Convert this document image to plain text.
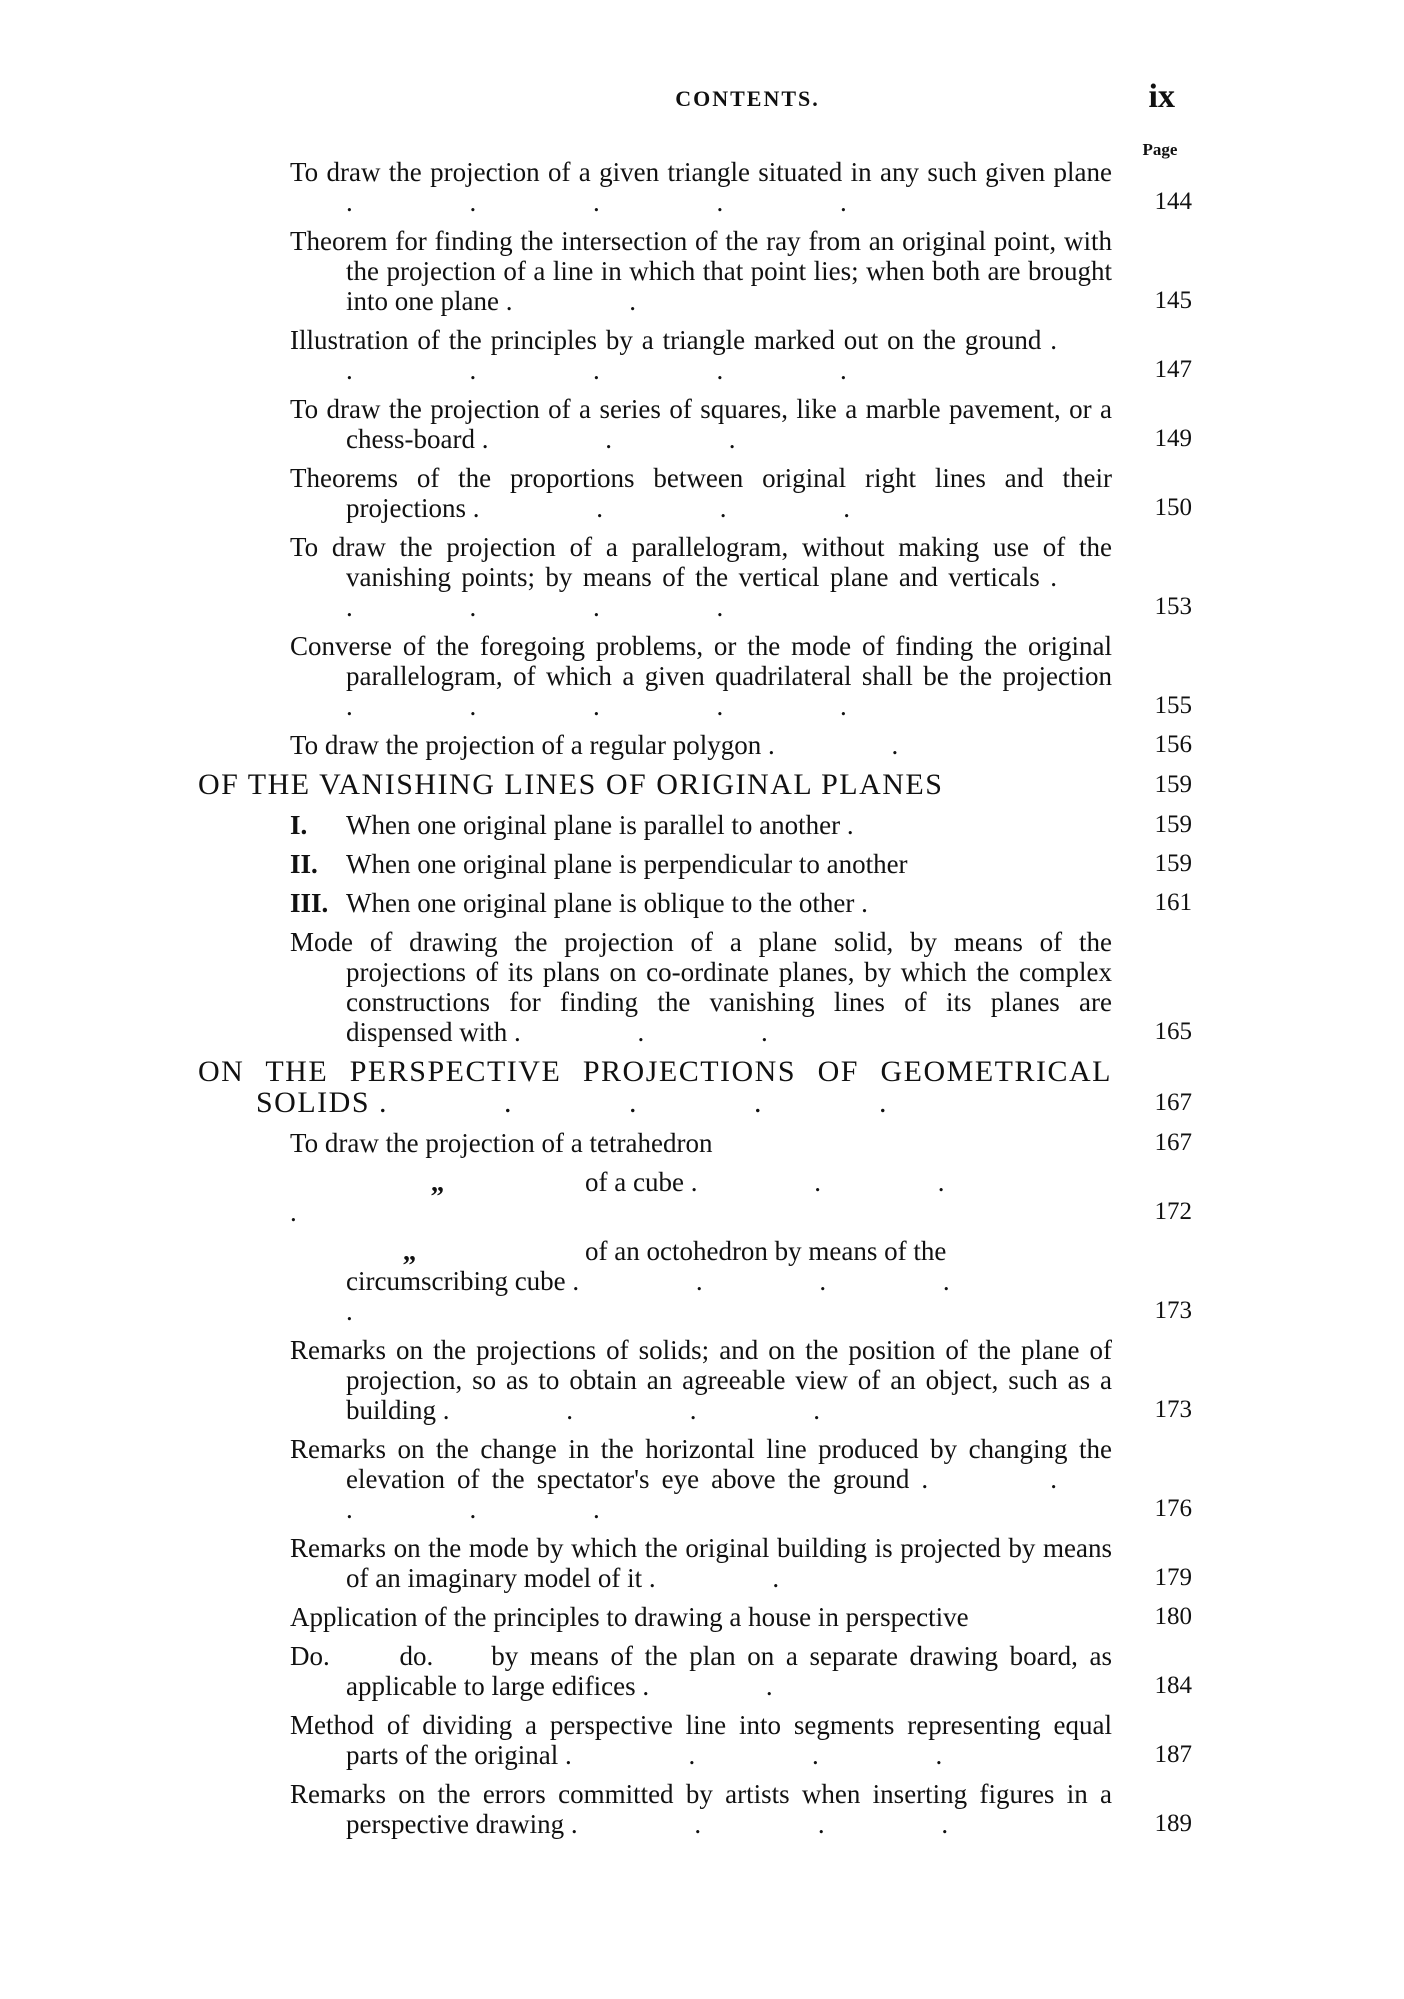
CONTENTS.	ix
Page
To draw the projection of a given triangle situated in any such given plane . . . . .	144
Theorem for finding the intersection of the ray from an original point, with the projection of a line in which that point lies; when both are brought into one plane . .	145
Illustration of the principles by a triangle marked out on the ground . . . . . .	147
To draw the projection of a series of squares, like a marble pavement, or a chess-board . . .	149
Theorems of the proportions between original right lines and their projections . . . .	150
To draw the projection of a parallelogram, without making use of the vanishing points; by means of the vertical plane and verticals . . . . .	153
Converse of the foregoing problems, or the mode of finding the original parallelogram, of which a given quadrilateral shall be the projection . . . . .	155
To draw the projection of a regular polygon . .	156
OF THE VANISHING LINES OF ORIGINAL PLANES	159
I. When one original plane is parallel to another .	159
II. When one original plane is perpendicular to another	159
III. When one original plane is oblique to the other .	161
Mode of drawing the projection of a plane solid, by means of the projections of its plans on co-ordinate planes, by which the complex constructions for finding the vanishing lines of its planes are dispensed with . . .	165
ON THE PERSPECTIVE PROJECTIONS OF GEOMETRICAL SOLIDS . . . . .	167
To draw the projection of a tetrahedron	167
„	of a cube . . . .	172
„	of an octohedron by means of the circumscribing cube . . . . .	173
Remarks on the projections of solids; and on the position of the plane of projection, so as to obtain an agreeable view of an object, such as a building . . . .	173
Remarks on the change in the horizontal line produced by changing the elevation of the spectator's eye above the ground . . . . .	176
Remarks on the mode by which the original building is projected by means of an imaginary model of it . .	179
Application of the principles to drawing a house in perspective	180
Do.      do.     by means of the plan on a separate drawing board, as applicable to large edifices . .	184
Method of dividing a perspective line into segments representing equal parts of the original . . . .	187
Remarks on the errors committed by artists when inserting figures in a perspective drawing . . . .	189
